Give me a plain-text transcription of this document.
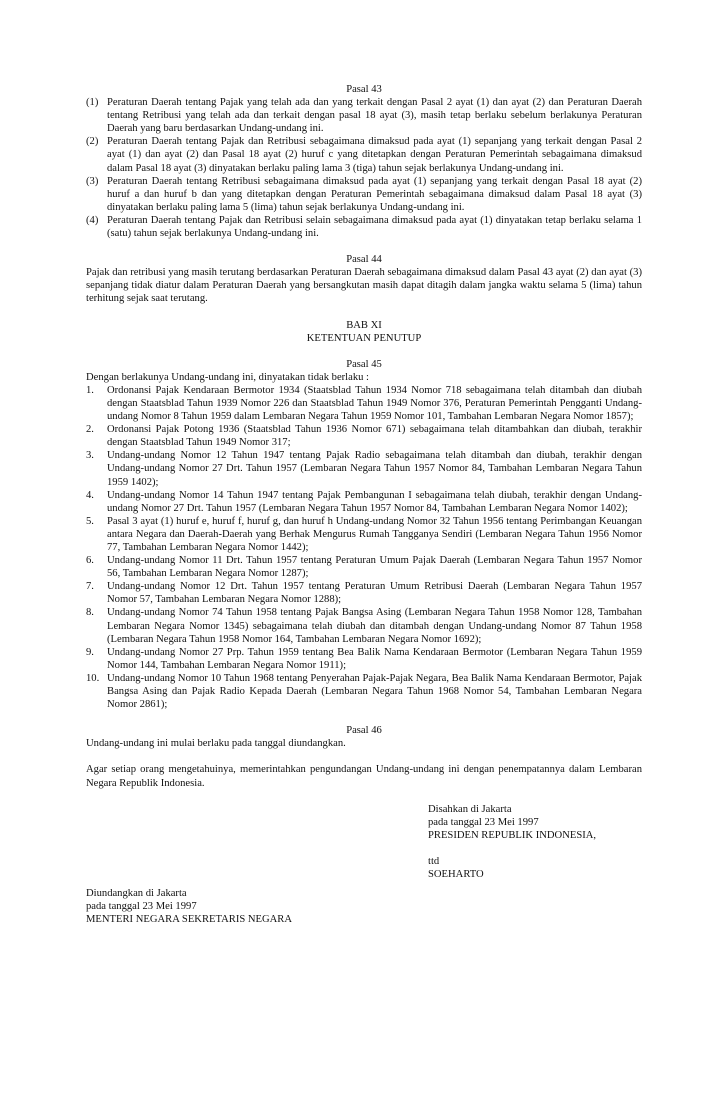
Pasal 43

(1) Peraturan Daerah tentang Pajak yang telah ada dan yang terkait dengan Pasal 2 ayat (1) dan ayat (2) dan Peraturan Daerah tentang Retribusi yang telah ada dan terkait dengan pasal 18 ayat (3), masih tetap berlaku sebelum berlakunya Peraturan Daerah yang baru berdasarkan Undang-undang ini.
(2) Peraturan Daerah tentang Pajak dan Retribusi sebagaimana dimaksud pada ayat (1) sepanjang yang terkait dengan Pasal 2 ayat (1) dan ayat (2) dan Pasal 18 ayat (2) huruf c yang ditetapkan dengan Peraturan Pemerintah sebagaimana dimaksud dalam Pasal 18 ayat (3) dinyatakan berlaku paling lama 3 (tiga) tahun sejak berlakunya Undang-undang ini.
(3) Peraturan Daerah tentang Retribusi sebagaimana dimaksud pada ayat (1) sepanjang yang terkait dengan Pasal 18 ayat (2) huruf a dan huruf b dan yang ditetapkan dengan Peraturan Pemerintah sebagaimana dimaksud dalam Pasal 18 ayat (3) dinyatakan berlaku paling lama 5 (lima) tahun sejak berlakunya Undang-undang ini.
(4) Peraturan Daerah tentang Pajak dan Retribusi selain sebagaimana dimaksud pada ayat (1) dinyatakan tetap berlaku selama 1 (satu) tahun sejak berlakunya Undang-undang ini.

Pasal 44

Pajak dan retribusi yang masih terutang berdasarkan Peraturan Daerah sebagaimana dimaksud dalam Pasal 43 ayat (2) dan ayat (3) sepanjang tidak diatur dalam Peraturan Daerah yang bersangkutan masih dapat ditagih dalam jangka waktu selama 5 (lima) tahun terhitung sejak saat terutang.

BAB XI

KETENTUAN PENUTUP

Pasal 45

Dengan berlakunya Undang-undang ini, dinyatakan tidak berlaku :

1. Ordonansi Pajak Kendaraan Bermotor 1934 (Staatsblad Tahun 1934 Nomor 718 sebagaimana telah ditambah dan diubah dengan Staatsblad Tahun 1939 Nomor 226 dan Staatsblad Tahun 1949 Nomor 376, Peraturan Pemerintah Pengganti Undang-undang Nomor 8 Tahun 1959 dalam Lembaran Negara Tahun 1959 Nomor 101, Tambahan Lembaran Negara Nomor 1857);
2. Ordonansi Pajak Potong 1936 (Staatsblad Tahun 1936 Nomor 671) sebagaimana telah ditambahkan dan diubah, terakhir dengan Staatsblad Tahun 1949 Nomor 317;
3. Undang-undang Nomor 12 Tahun 1947 tentang Pajak Radio sebagaimana telah ditambah dan diubah, terakhir dengan Undang-undang Nomor 27 Drt. Tahun 1957 (Lembaran Negara Tahun 1957 Nomor 84, Tambahan Lembaran Negara Tahun 1959 1402);
4. Undang-undang Nomor 14 Tahun 1947 tentang Pajak Pembangunan I sebagaimana telah diubah, terakhir dengan Undang-undang Nomor 27 Drt. Tahun 1957 (Lembaran Negara Tahun 1957 Nomor 84, Tambahan Lembaran Negara Nomor 1402);
5. Pasal 3 ayat (1) huruf e, huruf f, huruf g, dan huruf h Undang-undang Nomor 32 Tahun 1956 tentang Perimbangan Keuangan antara Negara dan Daerah-Daerah yang Berhak Mengurus Rumah Tangganya Sendiri (Lembaran Negara Tahun 1956 Nomor 77, Tambahan Lembaran Negara Nomor 1442);
6. Undang-undang Nomor 11 Drt. Tahun 1957 tentang Peraturan Umum Pajak Daerah (Lembaran Negara Tahun 1957 Nomor 56, Tambahan Lembaran Negara Nomor 1287);
7. Undang-undang Nomor 12 Drt. Tahun 1957 tentang Peraturan Umum Retribusi Daerah (Lembaran Negara Tahun 1957 Nomor 57, Tambahan Lembaran Negara Nomor 1288);
8. Undang-undang Nomor 74 Tahun 1958 tentang Pajak Bangsa Asing (Lembaran Negara Tahun 1958 Nomor 128, Tambahan Lembaran Negara Nomor 1345) sebagaimana telah diubah dan ditambah dengan Undang-undang Nomor 87 Tahun 1958 (Lembaran Negara Tahun 1958 Nomor 164, Tambahan Lembaran Negara Nomor 1692);
9. Undang-undang Nomor 27 Prp. Tahun 1959 tentang Bea Balik Nama Kendaraan Bermotor (Lembaran Negara Tahun 1959 Nomor 144, Tambahan Lembaran Negara Nomor 1911);
10. Undang-undang Nomor 10 Tahun 1968 tentang Penyerahan Pajak-Pajak Negara, Bea Balik Nama Kendaraan Bermotor, Pajak Bangsa Asing dan Pajak Radio Kepada Daerah (Lembaran Negara Tahun 1968 Nomor 54, Tambahan Lembaran Negara Nomor 2861);

Pasal 46

Undang-undang ini mulai berlaku pada tanggal diundangkan.

Agar setiap orang mengetahuinya, memerintahkan pengundangan Undang-undang ini dengan penempatannya dalam Lembaran Negara Republik Indonesia.

Disahkan di Jakarta
pada tanggal 23 Mei 1997
PRESIDEN REPUBLIK INDONESIA,
ttd
SOEHARTO
Diundangkan di Jakarta
pada tanggal 23 Mei 1997
MENTERI NEGARA SEKRETARIS NEGARA
